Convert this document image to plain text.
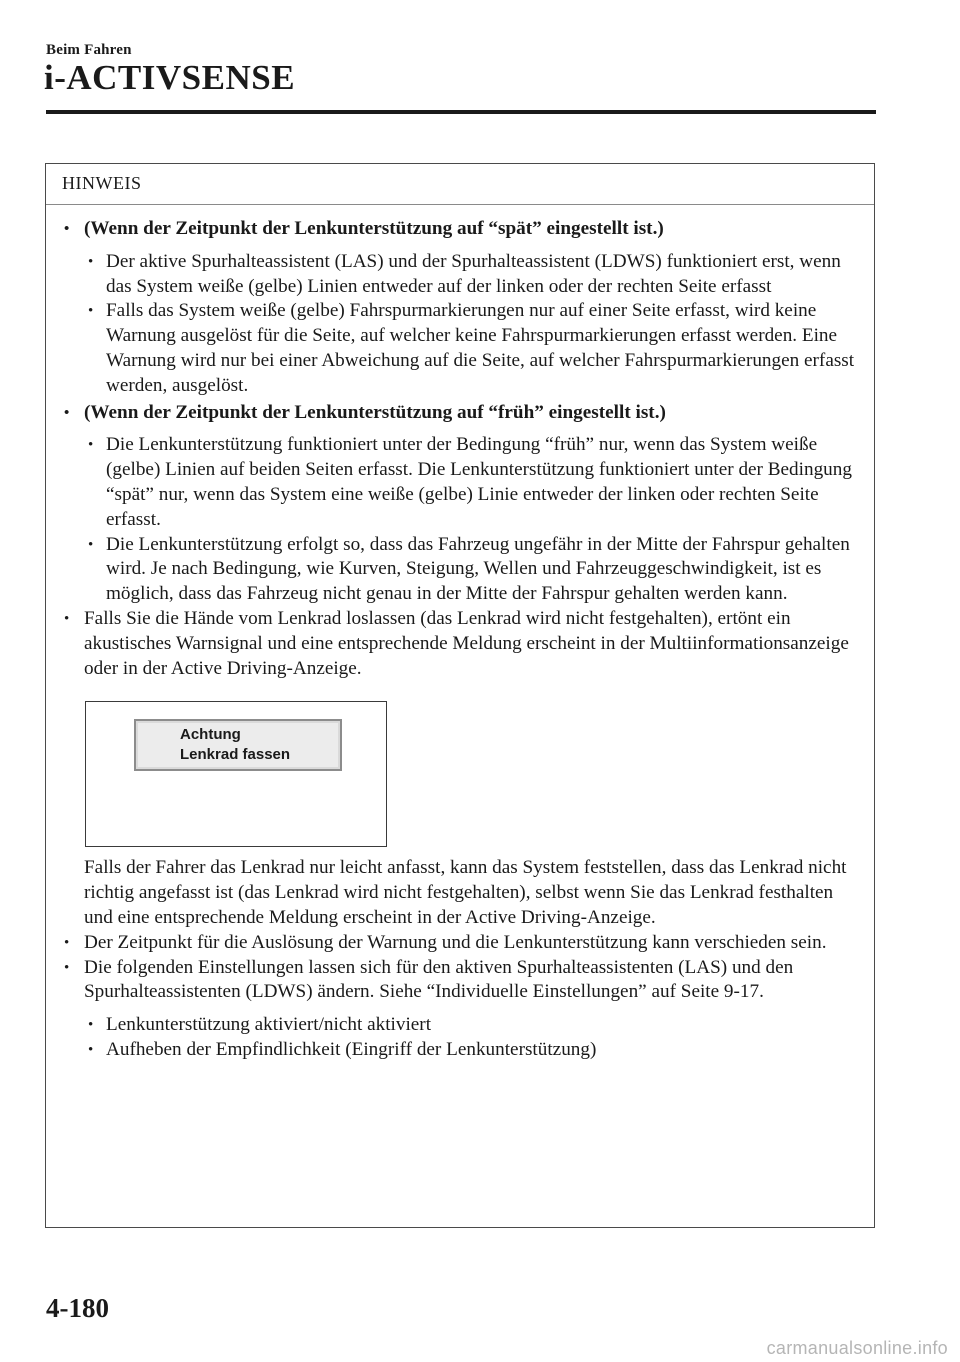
Beim Fahren
i-ACTIVSENSE
HINWEIS
• (Wenn der Zeitpunkt der Lenkunterstützung auf “spät” eingestellt ist.)
• Der aktive Spurhalteassistent (LAS) und der Spurhalteassistent (LDWS) funktioniert erst, wenn das System weiße (gelbe) Linien entweder auf der linken oder der rechten Seite erfasst
• Falls das System weiße (gelbe) Fahrspurmarkierungen nur auf einer Seite erfasst, wird keine Warnung ausgelöst für die Seite, auf welcher keine Fahrspurmarkierungen erfasst werden. Eine Warnung wird nur bei einer Abweichung auf die Seite, auf welcher Fahrspurmarkierungen erfasst werden, ausgelöst.
• (Wenn der Zeitpunkt der Lenkunterstützung auf “früh” eingestellt ist.)
• Die Lenkunterstützung funktioniert unter der Bedingung “früh” nur, wenn das System weiße (gelbe) Linien auf beiden Seiten erfasst. Die Lenkunterstützung funktioniert unter der Bedingung “spät” nur, wenn das System eine weiße (gelbe) Linie entweder der linken oder rechten Seite erfasst.
• Die Lenkunterstützung erfolgt so, dass das Fahrzeug ungefähr in der Mitte der Fahrspur gehalten wird. Je nach Bedingung, wie Kurven, Steigung, Wellen und Fahrzeuggeschwindigkeit, ist es möglich, dass das Fahrzeug nicht genau in der Mitte der Fahrspur gehalten werden kann.
• Falls Sie die Hände vom Lenkrad loslassen (das Lenkrad wird nicht festgehalten), ertönt ein akustisches Warnsignal und eine entsprechende Meldung erscheint in der Multiinformationsanzeige oder in der Active Driving-Anzeige.
Achtung
Lenkrad fassen
Falls der Fahrer das Lenkrad nur leicht anfasst, kann das System feststellen, dass das Lenkrad nicht richtig angefasst ist (das Lenkrad wird nicht festgehalten), selbst wenn Sie das Lenkrad festhalten und eine entsprechende Meldung erscheint in der Active Driving-Anzeige.
• Der Zeitpunkt für die Auslösung der Warnung und die Lenkunterstützung kann verschieden sein.
• Die folgenden Einstellungen lassen sich für den aktiven Spurhalteassistenten (LAS) und den Spurhalteassistenten (LDWS) ändern. Siehe “Individuelle Einstellungen” auf Seite 9-17.
• Lenkunterstützung aktiviert/nicht aktiviert
• Aufheben der Empfindlichkeit (Eingriff der Lenkunterstützung)
4-180
carmanualsonline.info
